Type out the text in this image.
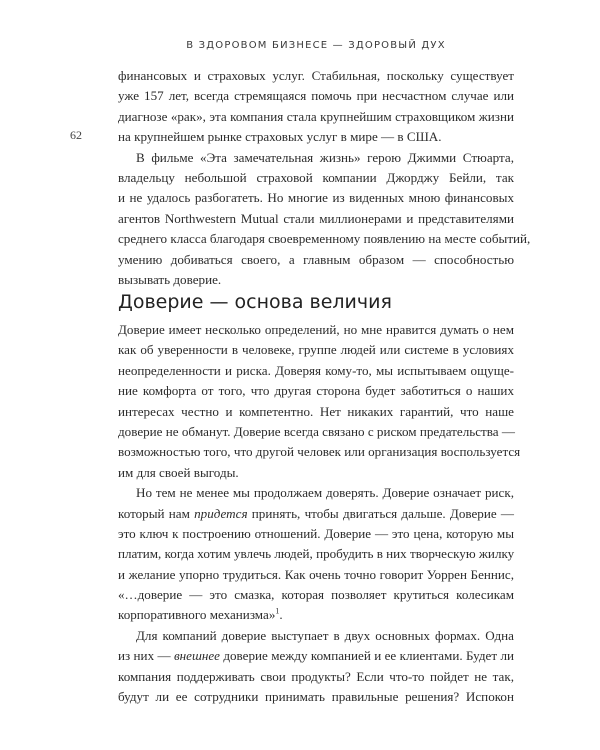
В ЗДОРОВОМ БИЗНЕСЕ — ЗДОРОВЫЙ ДУХ
62
финансовых и страховых услуг. Стабильная, поскольку существует
уже 157 лет, всегда стремящаяся помочь при несчастном случае или
диагнозе «рак», эта компания стала крупнейшим страховщиком жизни
на крупнейшем рынке страховых услуг в мире — в США.
В фильме «Эта замечательная жизнь» герою Джимми Стюарта,
владельцу небольшой страховой компании Джорджу Бейли, так
и не удалось разбогатеть. Но многие из виденных мною финансовых
агентов Northwestern Mutual стали миллионерами и представителями
среднего класса благодаря своевременному появлению на месте событий,
умению добиваться своего, а главным образом — способностью
вызывать доверие.
Доверие — основа величия
Доверие имеет несколько определений, но мне нравится думать о нем
как об уверенности в человеке, группе людей или системе в условиях
неопределенности и риска. Доверяя кому-то, мы испытываем ощуще-
ние комфорта от того, что другая сторона будет заботиться о наших
интересах честно и компетентно. Нет никаких гарантий, что наше
доверие не обманут. Доверие всегда связано с риском предательства —
возможностью того, что другой человек или организация воспользуется
им для своей выгоды.
Но тем не менее мы продолжаем доверять. Доверие означает риск,
который нам придется принять, чтобы двигаться дальше. Доверие —
это ключ к построению отношений. Доверие — это цена, которую мы
платим, когда хотим увлечь людей, пробудить в них творческую жилку
и желание упорно трудиться. Как очень точно говорит Уоррен Беннис,
«…доверие — это смазка, которая позволяет крутиться колесикам
корпоративного механизма»$^1$.
Для компаний доверие выступает в двух основных формах. Одна
из них — внешнее доверие между компанией и ее клиентами. Будет ли
компания поддерживать свои продукты? Если что-то пойдет не так,
будут ли ее сотрудники принимать правильные решения? Испокон
